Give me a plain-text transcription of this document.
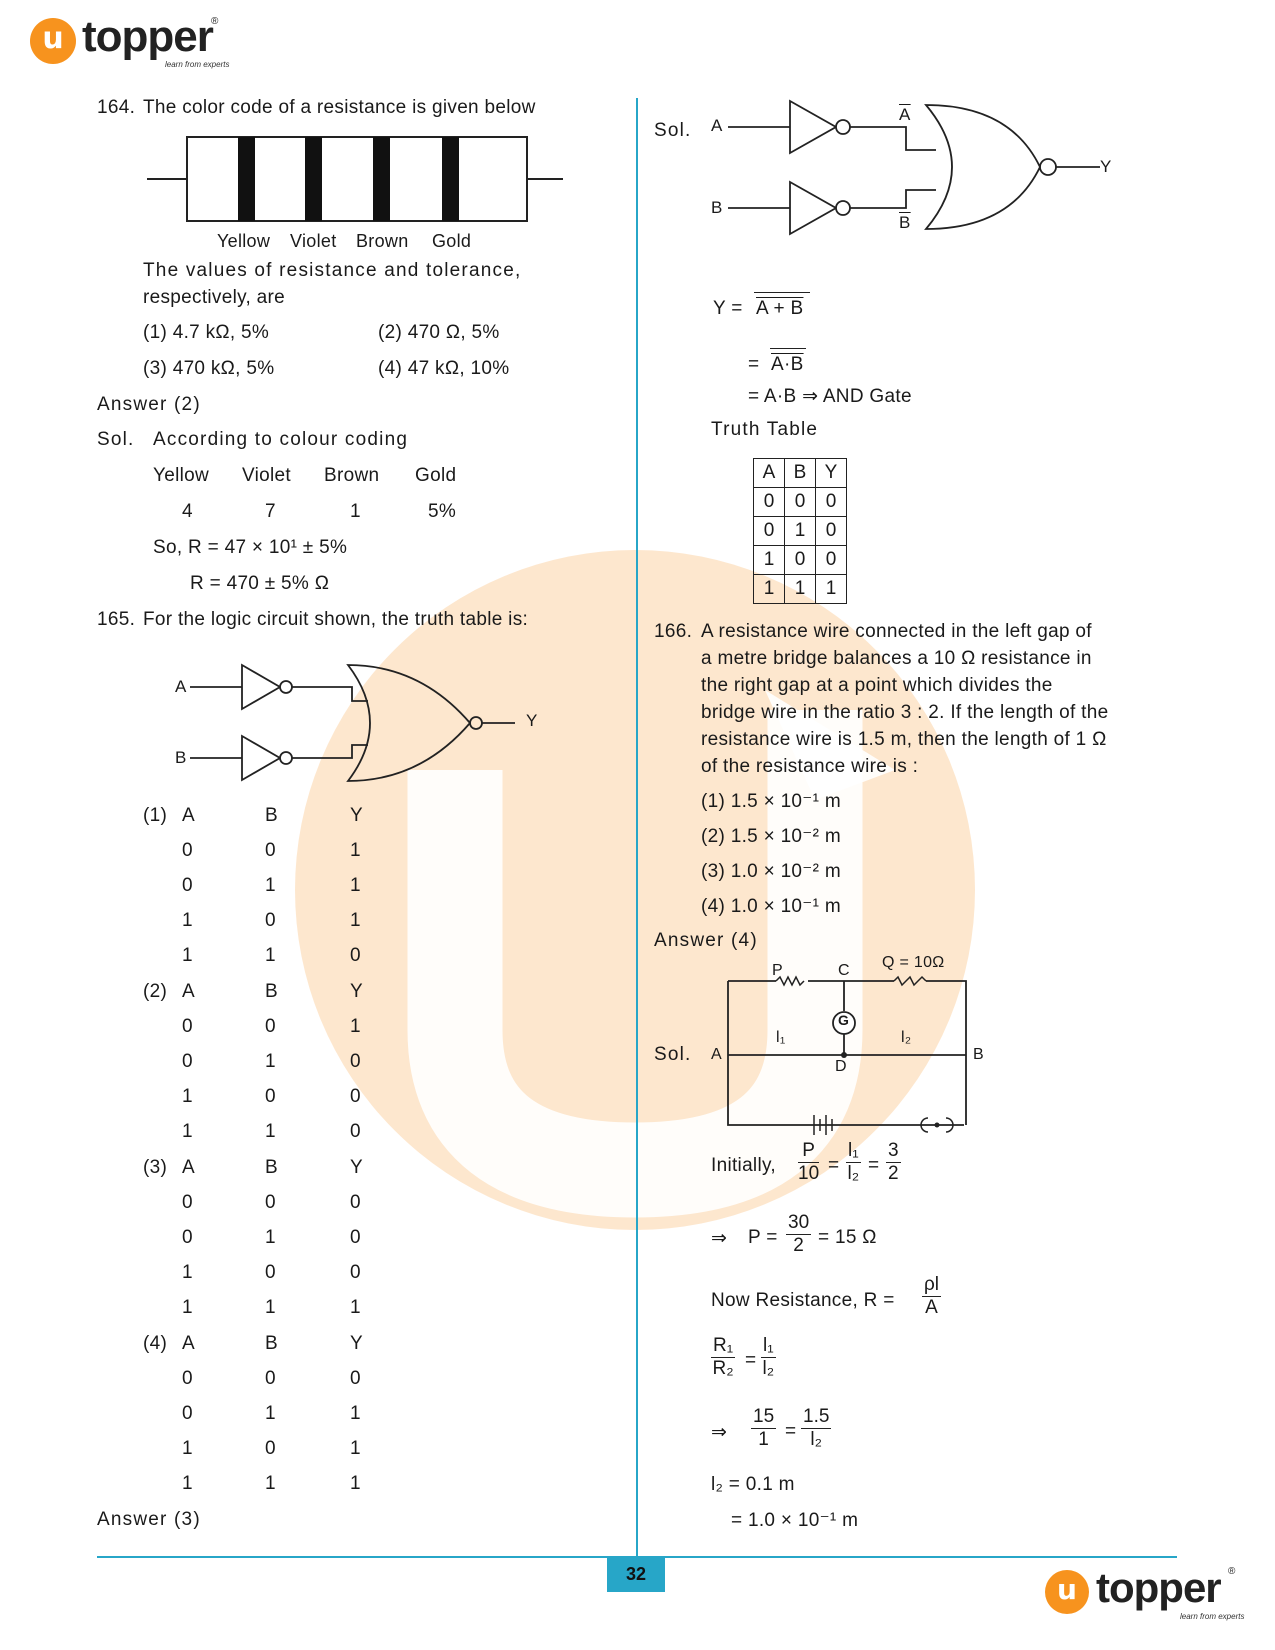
u topper
®
learn from experts
164. The color code of a resistance is given below
Yellow Violet Brown Gold
The values of resistance and tolerance,
respectively, are
(1) 4.7 kΩ, 5%	(2) 470 Ω, 5%
(3) 470 kΩ, 5%	(4) 47 kΩ, 10%
Answer (2)
Sol. According to colour coding
Yellow Violet Brown Gold
4	7	1	5%
So, R = 47 × 10¹ ± 5%
R = 470 ± 5% Ω
165. For the logic circuit shown, the truth table is:
A
B
Y
(1) A	B	Y
0	0	1
0	1	1
1	0	1
1	1	0
(2) A	B	Y
0	0	1
0	1	0
1	0	0
1	1	0
(3) A	B	Y
0	0	0
0	1	0
1	0	0
1	1	1
(4) A	B	Y
0	0	0
0	1	1
1	0	1
1	1	1
Answer (3)
Sol. A
B
$\overline{A}$
$\overline{B}$
Y
Y = A + B
= A·B
= A·B ⇒ AND Gate
Truth Table
A	B	Y
0	0	0
0	1	0
1	0	0
1	1	1
166. A resistance wire connected in the left gap of
a metre bridge balances a 10 Ω resistance in
the right gap at a point which divides the
bridge wire in the ratio 3 : 2. If the length of the
resistance wire is 1.5 m, then the length of 1 Ω
of the resistance wire is :
(1) 1.5 × 10⁻¹ m
(2) 1.5 × 10⁻² m
(3) 1.0 × 10⁻² m
(4) 1.0 × 10⁻¹ m
Answer (4)
Sol.
P	C Q = 10Ω
G
l₁	l₂
A	B
D
Initially, $\frac{P}{10} = \frac{\text{l₁}}{\text{l₂}} = \frac{3}{2}$
⇒ $P = \frac{30}{2} = 15$ Ω
Now Resistance, $R = \frac{\rho l}{A}$
$\frac{\text{R₁}}{\text{R₂}} = \frac{\text{l₁}}{\text{l₂}}$
⇒ $\frac{15}{1} = \frac{1.5}{\text{l₂}}$
l₂ = 0.1 m
= 1.0 × 10⁻¹ m
32	u topper ®
learn from experts
